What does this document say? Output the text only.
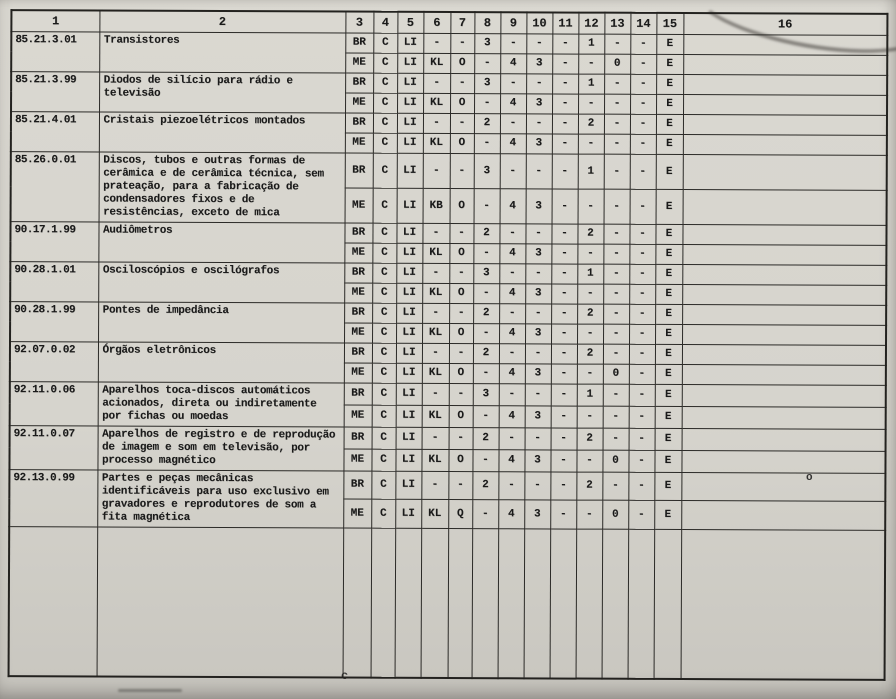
o
c
1	2	3	4	5	6	7	8	9	10	11	12	13	14	15	16
85.21.3.01	Transistores	BR	C	LI	-	-	3	-	-	-	1	-	-	E	
		ME	C	LI	KL	O	-	4	3	-	-	0	-	E	
85.21.3.99	Diodos de silício para rádio e televisão	BR	C	LI	-	-	3	-	-	-	1	-	-	E	
		ME	C	LI	KL	O	-	4	3	-	-	-	-	E	
85.21.4.01	Cristais piezoelétricos montados	BR	C	LI	-	-	2	-	-	-	2	-	-	E	
		ME	C	LI	KL	O	-	4	3	-	-	-	-	E	
85.26.0.01	Discos, tubos e outras formas de cerâmica e de cerâmica técnica, sem prateação, para a fabricação de condensadores fixos e de resistências, exceto de mica	BR	C	LI	-	-	3	-	-	-	1	-	-	E	
		ME	C	LI	KB	O	-	4	3	-	-	-	-	E	
90.17.1.99	Audiômetros	BR	C	LI	-	-	2	-	-	-	2	-	-	E	
		ME	C	LI	KL	O	-	4	3	-	-	-	-	E	
90.28.1.01	Osciloscópios e oscilógrafos	BR	C	LI	-	-	3	-	-	-	1	-	-	E	
		ME	C	LI	KL	O	-	4	3	-	-	-	-	E	
90.28.1.99	Pontes de impedância	BR	C	LI	-	-	2	-	-	-	2	-	-	E	
		ME	C	LI	KL	O	-	4	3	-	-	-	-	E	
92.07.0.02	Órgãos eletrônicos	BR	C	LI	-	-	2	-	-	-	2	-	-	E	
		ME	C	LI	KL	O	-	4	3	-	-	0	-	E	
92.11.0.06	Aparelhos toca-discos automáticos acionados, direta ou indiretamente por fichas ou moedas	BR	C	LI	-	-	3	-	-	-	1	-	-	E	
		ME	C	LI	KL	O	-	4	3	-	-	-	-	E	
92.11.0.07	Aparelhos de registro e de reprodução de imagem e som em televisão, por processo magnético	BR	C	LI	-	-	2	-	-	-	2	-	-	E	
		ME	C	LI	KL	O	-	4	3	-	-	0	-	E	
92.13.0.99	Partes e peças mecânicas identificáveis para uso exclusivo em gravadores e reprodutores de som a fita magnética	BR	C	LI	-	-	2	-	-	-	2	-	-	E	
		ME	C	LI	KL	Q	-	4	3	-	-	0	-	E	
